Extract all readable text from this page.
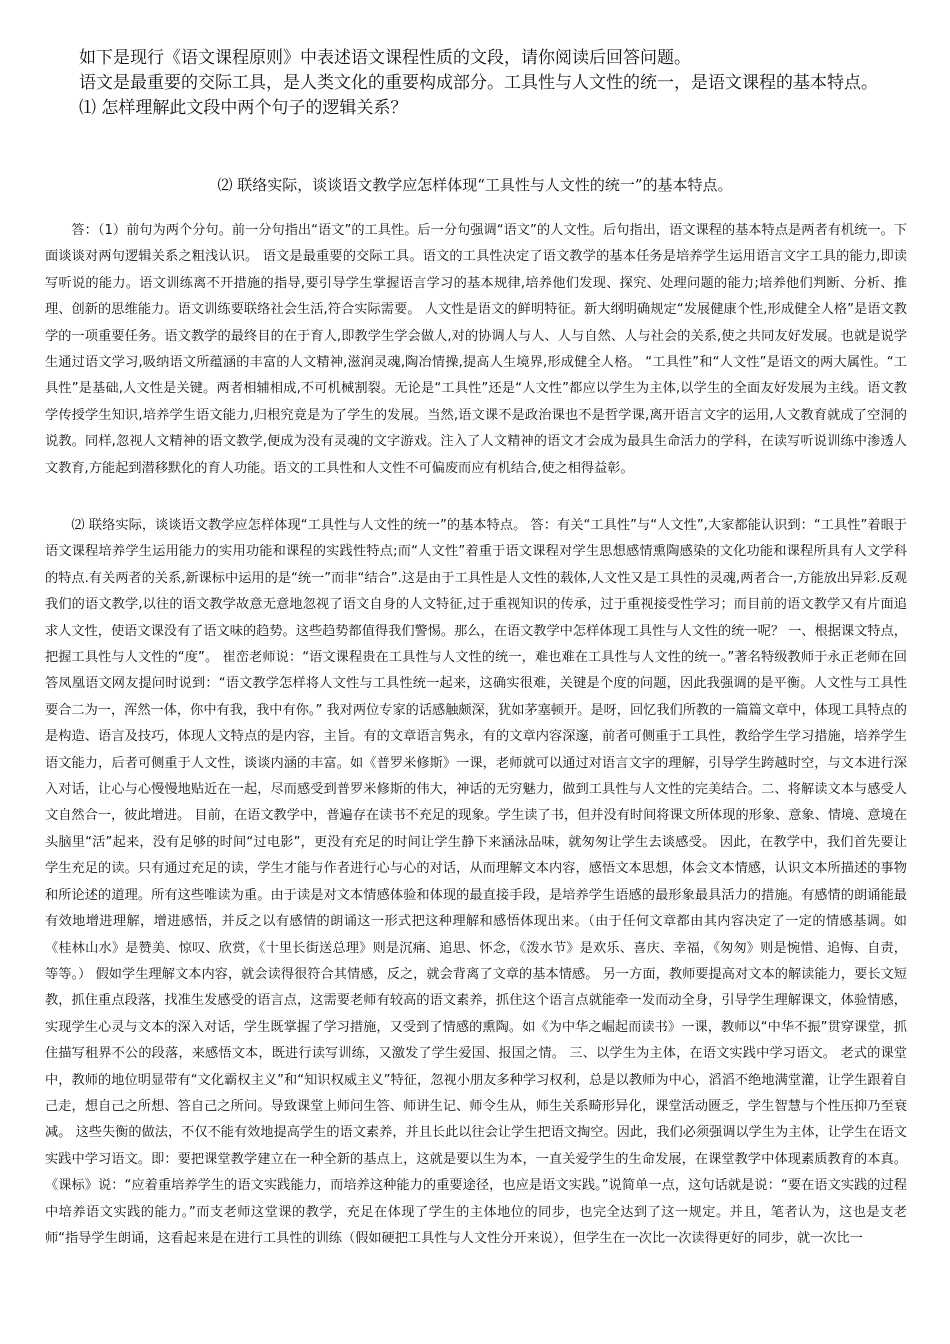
如下是现行《语文课程原则》中表述语文课程性质的文段，请你阅读后回答问题。

语文是最重要的交际工具，是人类文化的重要构成部分。工具性与人文性的统一，是语文课程的基本特点。

⑴ 怎样理解此文段中两个句子的逻辑关系？

⑵ 联络实际，谈谈语文教学应怎样体现“工具性与人文性的统一”的基本特点。

答：（1）前句为两个分句。前一分句指出“语文”的工具性。后一分句强调“语文”的人文性。后句指出，语文课程的基本特点是两者有机统一。下面谈谈对两句逻辑关系之粗浅认识。 语文是最重要的交际工具。语文的工具性决定了语文教学的基本任务是培养学生运用语言文字工具的能力,即读写听说的能力。语文训练离不开措施的指导,要引导学生掌握语言学习的基本规律,培养他们发现、探究、处理问题的能力;培养他们判断、分析、推理、创新的思维能力。语文训练要联络社会生活,符合实际需要。 人文性是语文的鲜明特征。新大纲明确规定“发展健康个性,形成健全人格”是语文教学的一项重要任务。语文教学的最终目的在于育人,即教学生学会做人,对的协调人与人、人与自然、人与社会的关系,使之共同友好发展。也就是说学生通过语文学习,吸纳语文所蕴涵的丰富的人文精神,滋润灵魂,陶冶情操,提高人生境界,形成健全人格。 “工具性”和“人文性”是语文的两大属性。“工具性”是基础,人文性是关键。两者相辅相成,不可机械割裂。无论是“工具性”还是“人文性”都应以学生为主体,以学生的全面友好发展为主线。语文教学传授学生知识,培养学生语文能力,归根究竟是为了学生的发展。当然,语文课不是政治课也不是哲学课,离开语言文字的运用,人文教育就成了空洞的说教。同样,忽视人文精神的语文教学,便成为没有灵魂的文字游戏。注入了人文精神的语文才会成为最具生命活力的学科，在读写听说训练中渗透人文教育,方能起到潜移默化的育人功能。语文的工具性和人文性不可偏废而应有机结合,使之相得益彰。

⑵ 联络实际，谈谈语文教学应怎样体现“工具性与人文性的统一”的基本特点。 答：有关“工具性”与“人文性”,大家都能认识到：“工具性”着眼于语文课程培养学生运用能力的实用功能和课程的实践性特点;而“人文性”着重于语文课程对学生思想感情熏陶感染的文化功能和课程所具有人文学科的特点.有关两者的关系,新课标中运用的是“统一”而非“结合”.这是由于工具性是人文性的载体,人文性又是工具性的灵魂,两者合一,方能放出异彩.反观我们的语文教学,以往的语文教学故意无意地忽视了语文自身的人文特征,过于重视知识的传承，过于重视接受性学习；而目前的语文教学又有片面追求人文性，使语文课没有了语文味的趋势。这些趋势都值得我们警惕。那么，在语文教学中怎样体现工具性与人文性的统一呢？ 一、根据课文特点，把握工具性与人文性的“度”。 崔峦老师说：“语文课程贵在工具性与人文性的统一，难也难在工具性与人文性的统一。”著名特级教师于永正老师在回答凤凰语文网友提问时说到：“语文教学怎样将人文性与工具性统一起来，这确实很难，关键是个度的问题，因此我强调的是平衡。人文性与工具性要合二为一，浑然一体，你中有我，我中有你。” 我对两位专家的话感触颇深，犹如茅塞顿开。是呀，回忆我们所教的一篇篇文章中，体现工具特点的是构造、语言及技巧，体现人文特点的是内容，主旨。有的文章语言隽永，有的文章内容深邃，前者可侧重于工具性，教给学生学习措施，培养学生语文能力，后者可侧重于人文性，谈谈内涵的丰富。如《普罗米修斯》一课，老师就可以通过对语言文字的理解，引导学生跨越时空，与文本进行深入对话，让心与心慢慢地贴近在一起，尽而感受到普罗米修斯的伟大，神话的无穷魅力，做到工具性与人文性的完美结合。二、将解读文本与感受人文自然合一，彼此增进。 目前，在语文教学中，普遍存在读书不充足的现象。学生读了书，但并没有时间将课文所体现的形象、意象、情境、意境在头脑里“活”起来，没有足够的时间“过电影”，更没有充足的时间让学生静下来涵泳品味，就匆匆让学生去谈感受。 因此，在教学中，我们首先要让学生充足的读。只有通过充足的读，学生才能与作者进行心与心的对话，从而理解文本内容，感悟文本思想，体会文本情感，认识文本所描述的事物和所论述的道理。所有这些唯读为重。由于读是对文本情感体验和体现的最直接手段，是培养学生语感的最形象最具活力的措施。有感情的朗诵能最有效地增进理解，增进感悟，并反之以有感情的朗诵这一形式把这种理解和感悟体现出来。（由于任何文章都由其内容决定了一定的情感基调。如《桂林山水》是赞美、惊叹、欣赏，《十里长街送总理》则是沉痛、追思、怀念，《泼水节》是欢乐、喜庆、幸福，《匆匆》则是惋惜、追悔、自责，等等。） 假如学生理解文本内容，就会读得很符合其情感，反之，就会背离了文章的基本情感。 另一方面，教师要提高对文本的解读能力，要长文短教，抓住重点段落，找准生发感受的语言点，这需要老师有较高的语文素养，抓住这个语言点就能牵一发而动全身，引导学生理解课文，体验情感，实现学生心灵与文本的深入对话，学生既掌握了学习措施，又受到了情感的熏陶。如《为中华之崛起而读书》一课，教师以“中华不振”贯穿课堂，抓住描写租界不公的段落，来感悟文本，既进行读写训练，又激发了学生爱国、报国之情。 三、以学生为主体，在语文实践中学习语文。 老式的课堂中，教师的地位明显带有“文化霸权主义”和“知识权威主义”特征，忽视小朋友多种学习权利，总是以教师为中心，滔滔不绝地满堂灌，让学生跟着自己走，想自己之所想、答自己之所问。导致课堂上师问生答、师讲生记、师令生从，师生关系畸形异化，课堂活动匮乏，学生智慧与个性压抑乃至衰减。 这些失衡的做法，不仅不能有效地提高学生的语文素养，并且长此以往会让学生把语文掏空。因此，我们必须强调以学生为主体，让学生在语文实践中学习语文。即：要把课堂教学建立在一种全新的基点上，这就是要以生为本，一直关爱学生的生命发展，在课堂教学中体现素质教育的本真。 《课标》说：“应着重培养学生的语文实践能力，而培养这种能力的重要途径，也应是语文实践。”说简单一点，这句话就是说：“要在语文实践的过程中培养语文实践的能力。”而支老师这堂课的教学，充足在体现了学生的主体地位的同步，也完全达到了这一规定。并且，笔者认为，这也是支老师“指导学生朗诵，这看起来是在进行工具性的训练（假如硬把工具性与人文性分开来说），但学生在一次比一次读得更好的同步，就一次比一
